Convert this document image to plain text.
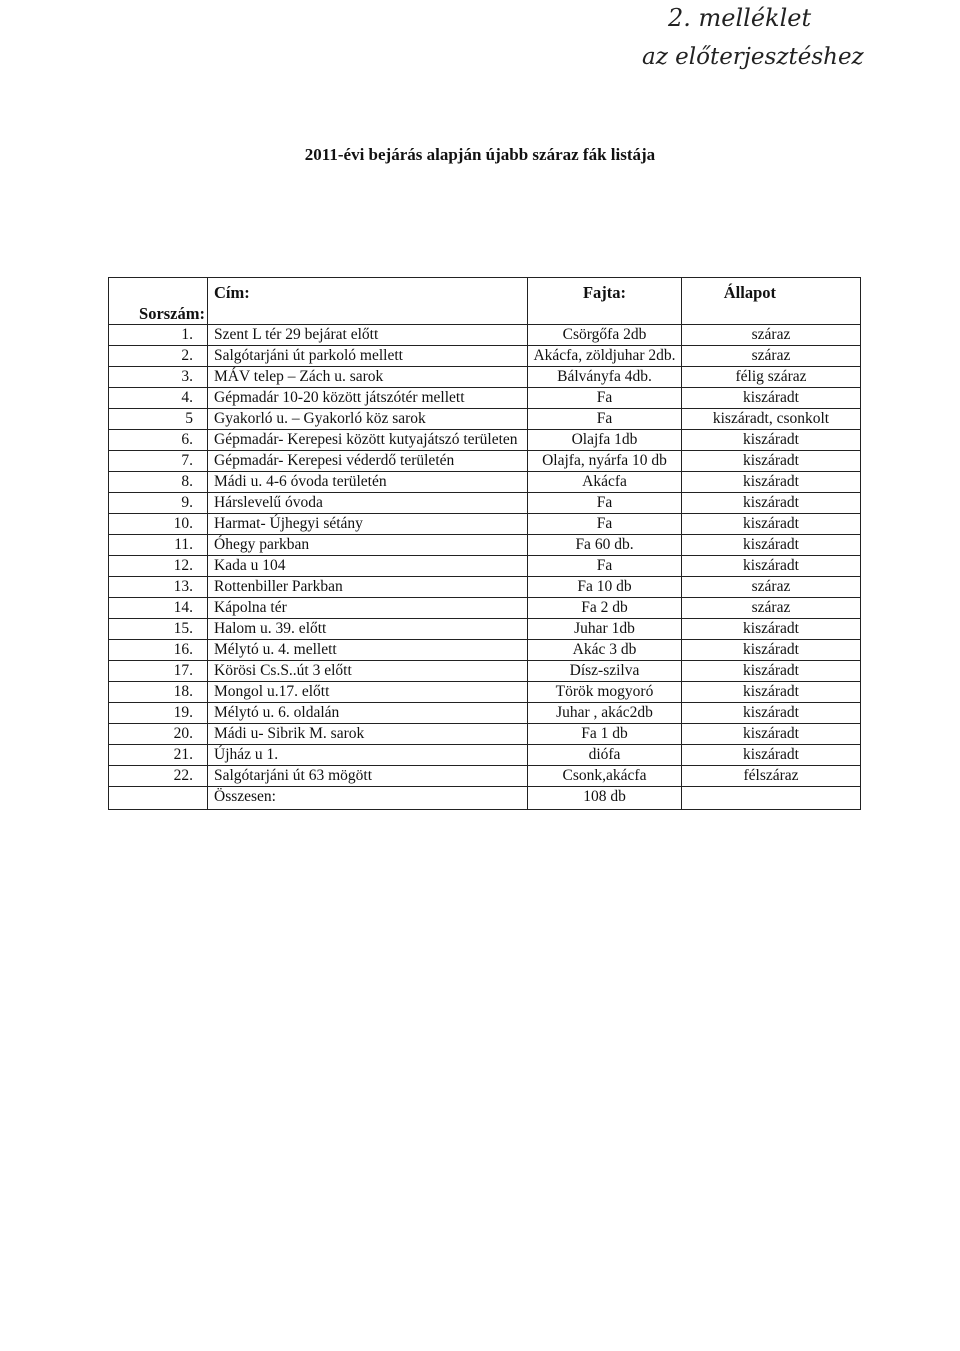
2. melléklet
az előterjesztéshez
2011-évi bejárás alapján újabb száraz fák listája
Sorszám:	Cím:	Fajta:	Állapot
1.	Szent L tér 29 bejárat előtt	Csörgőfa 2db	száraz
2.	Salgótarjáni út parkoló mellett	Akácfa, zöldjuhar 2db.	száraz
3.	MÁV telep – Zách u. sarok	Bálványfa 4db.	félig száraz
4.	Gépmadár 10-20 között játszótér mellett	Fa	kiszáradt
5	Gyakorló u. – Gyakorló köz sarok	Fa	kiszáradt, csonkolt
6.	Gépmadár- Kerepesi között kutyajátszó területen	Olajfa 1db	kiszáradt
7.	Gépmadár- Kerepesi véderdő területén	Olajfa, nyárfa 10 db	kiszáradt
8.	Mádi u. 4-6 óvoda területén	Akácfa	kiszáradt
9.	Hárslevelű óvoda	Fa	kiszáradt
10.	Harmat- Újhegyi sétány	Fa	kiszáradt
11.	Óhegy parkban	Fa 60 db.	kiszáradt
12.	Kada u 104	Fa	kiszáradt
13.	Rottenbiller Parkban	Fa 10 db	száraz
14.	Kápolna tér	Fa 2 db	száraz
15.	Halom u. 39. előtt	Juhar 1db	kiszáradt
16.	Mélytó u. 4. mellett	Akác 3 db	kiszáradt
17.	Körösi Cs.S..út 3 előtt	Dísz-szilva	kiszáradt
18.	Mongol u.17. előtt	Török mogyoró	kiszáradt
19.	Mélytó u. 6. oldalán	Juhar , akác2db	kiszáradt
20.	Mádi u- Sibrik M. sarok	Fa 1 db	kiszáradt
21.	Újház u 1.	diófa	kiszáradt
22.	Salgótarjáni út 63 mögött	Csonk,akácfa	félszáraz
	Összesen:	108 db	
